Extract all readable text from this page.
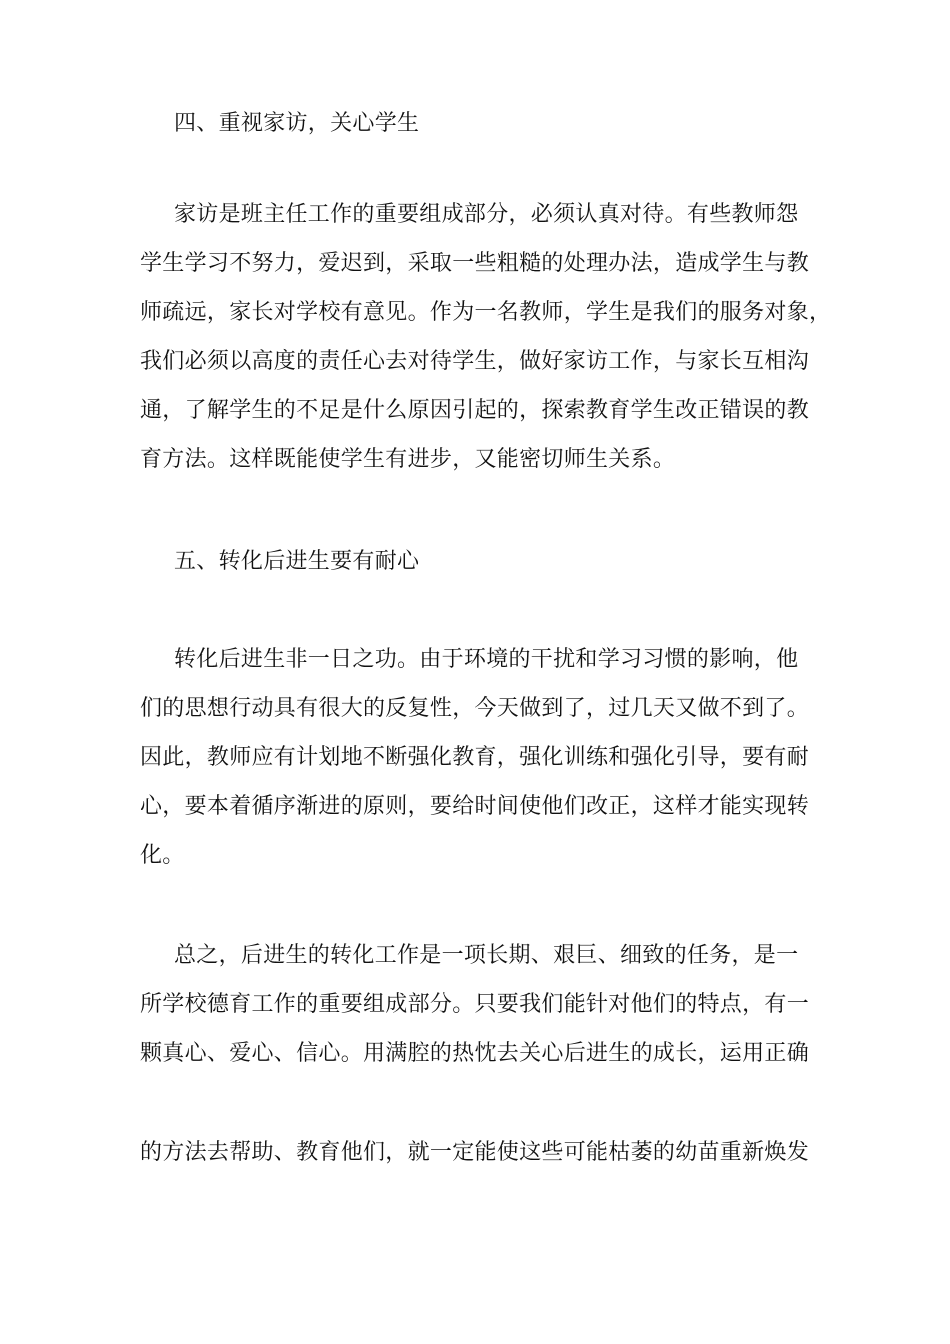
四、重视家访，关心学生
家访是班主任工作的重要组成部分，必须认真对待。有些教师怨
学生学习不努力，爱迟到，采取一些粗糙的处理办法，造成学生与教
师疏远，家长对学校有意见。作为一名教师，学生是我们的服务对象，
我们必须以高度的责任心去对待学生，做好家访工作，与家长互相沟
通，了解学生的不足是什么原因引起的，探索教育学生改正错误的教
育方法。这样既能使学生有进步，又能密切师生关系。
五、转化后进生要有耐心
转化后进生非一日之功。由于环境的干扰和学习习惯的影响，他
们的思想行动具有很大的反复性，今天做到了，过几天又做不到了。
因此，教师应有计划地不断强化教育，强化训练和强化引导，要有耐
心，要本着循序渐进的原则，要给时间使他们改正，这样才能实现转
化。
总之，后进生的转化工作是一项长期、艰巨、细致的任务，是一
所学校德育工作的重要组成部分。只要我们能针对他们的特点，有一
颗真心、爱心、信心。用满腔的热忱去关心后进生的成长，运用正确
的方法去帮助、教育他们，就一定能使这些可能枯萎的幼苗重新焕发
